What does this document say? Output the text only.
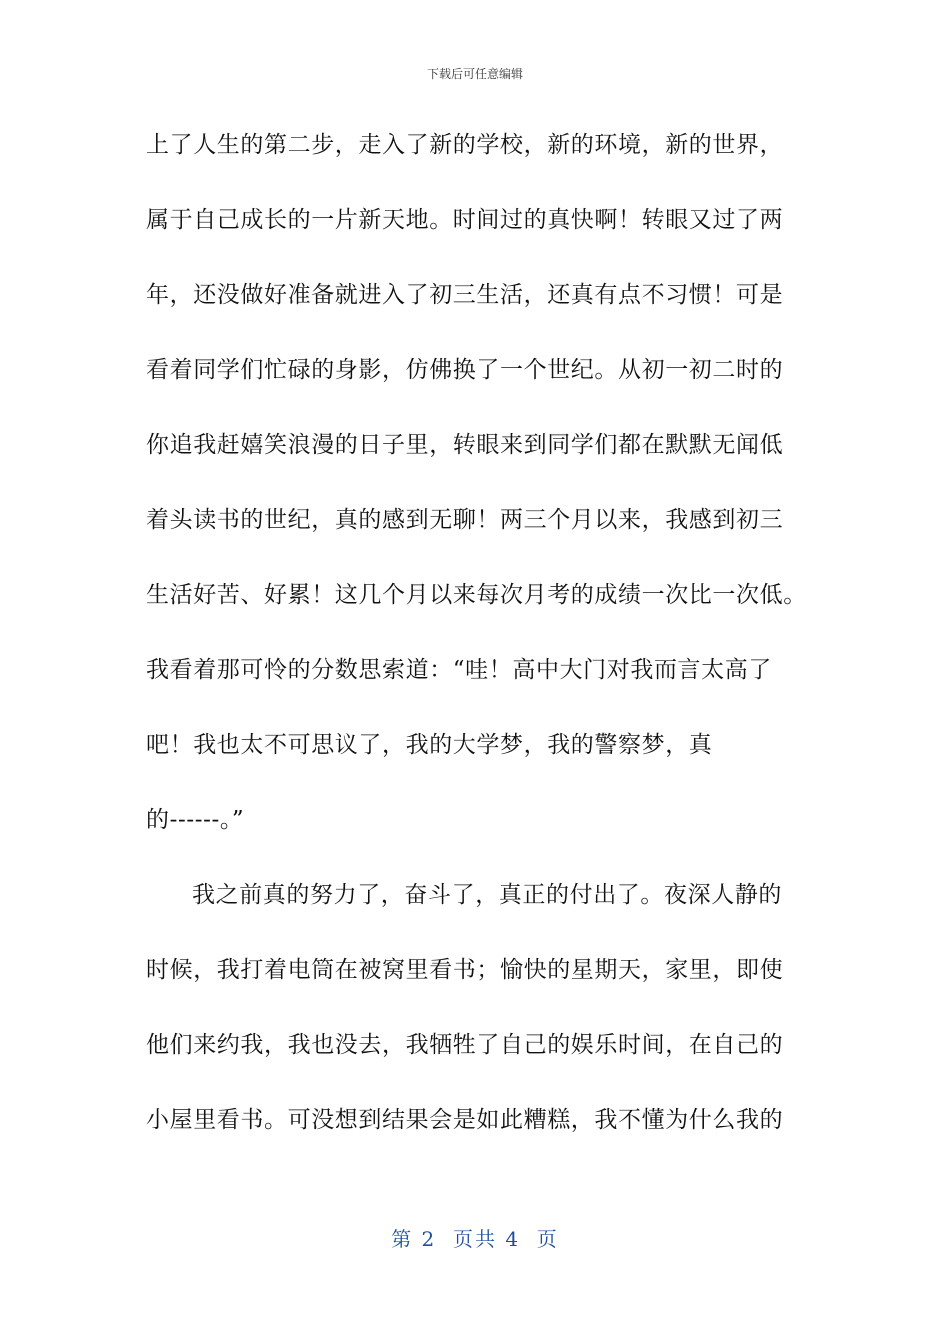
下载后可任意编辑
上了人生的第二步，走入了新的学校，新的环境，新的世界，
属于自己成长的一片新天地。时间过的真快啊！转眼又过了两
年，还没做好准备就进入了初三生活，还真有点不习惯！可是
看着同学们忙碌的身影，仿佛换了一个世纪。从初一初二时的
你追我赶嬉笑浪漫的日子里，转眼来到同学们都在默默无闻低
着头读书的世纪，真的感到无聊！两三个月以来，我感到初三
生活好苦、好累！这几个月以来每次月考的成绩一次比一次低。
我看着那可怜的分数思索道：“哇！高中大门对我而言太高了
吧！我也太不可思议了，我的大学梦，我的警察梦，真
的------。”
我之前真的努力了，奋斗了，真正的付出了。夜深人静的
时候，我打着电筒在被窝里看书；愉快的星期天，家里，即使
他们来约我，我也没去，我牺牲了自己的娱乐时间，在自己的
小屋里看书。可没想到结果会是如此糟糕，我不懂为什么我的
第 2  页共 4  页
